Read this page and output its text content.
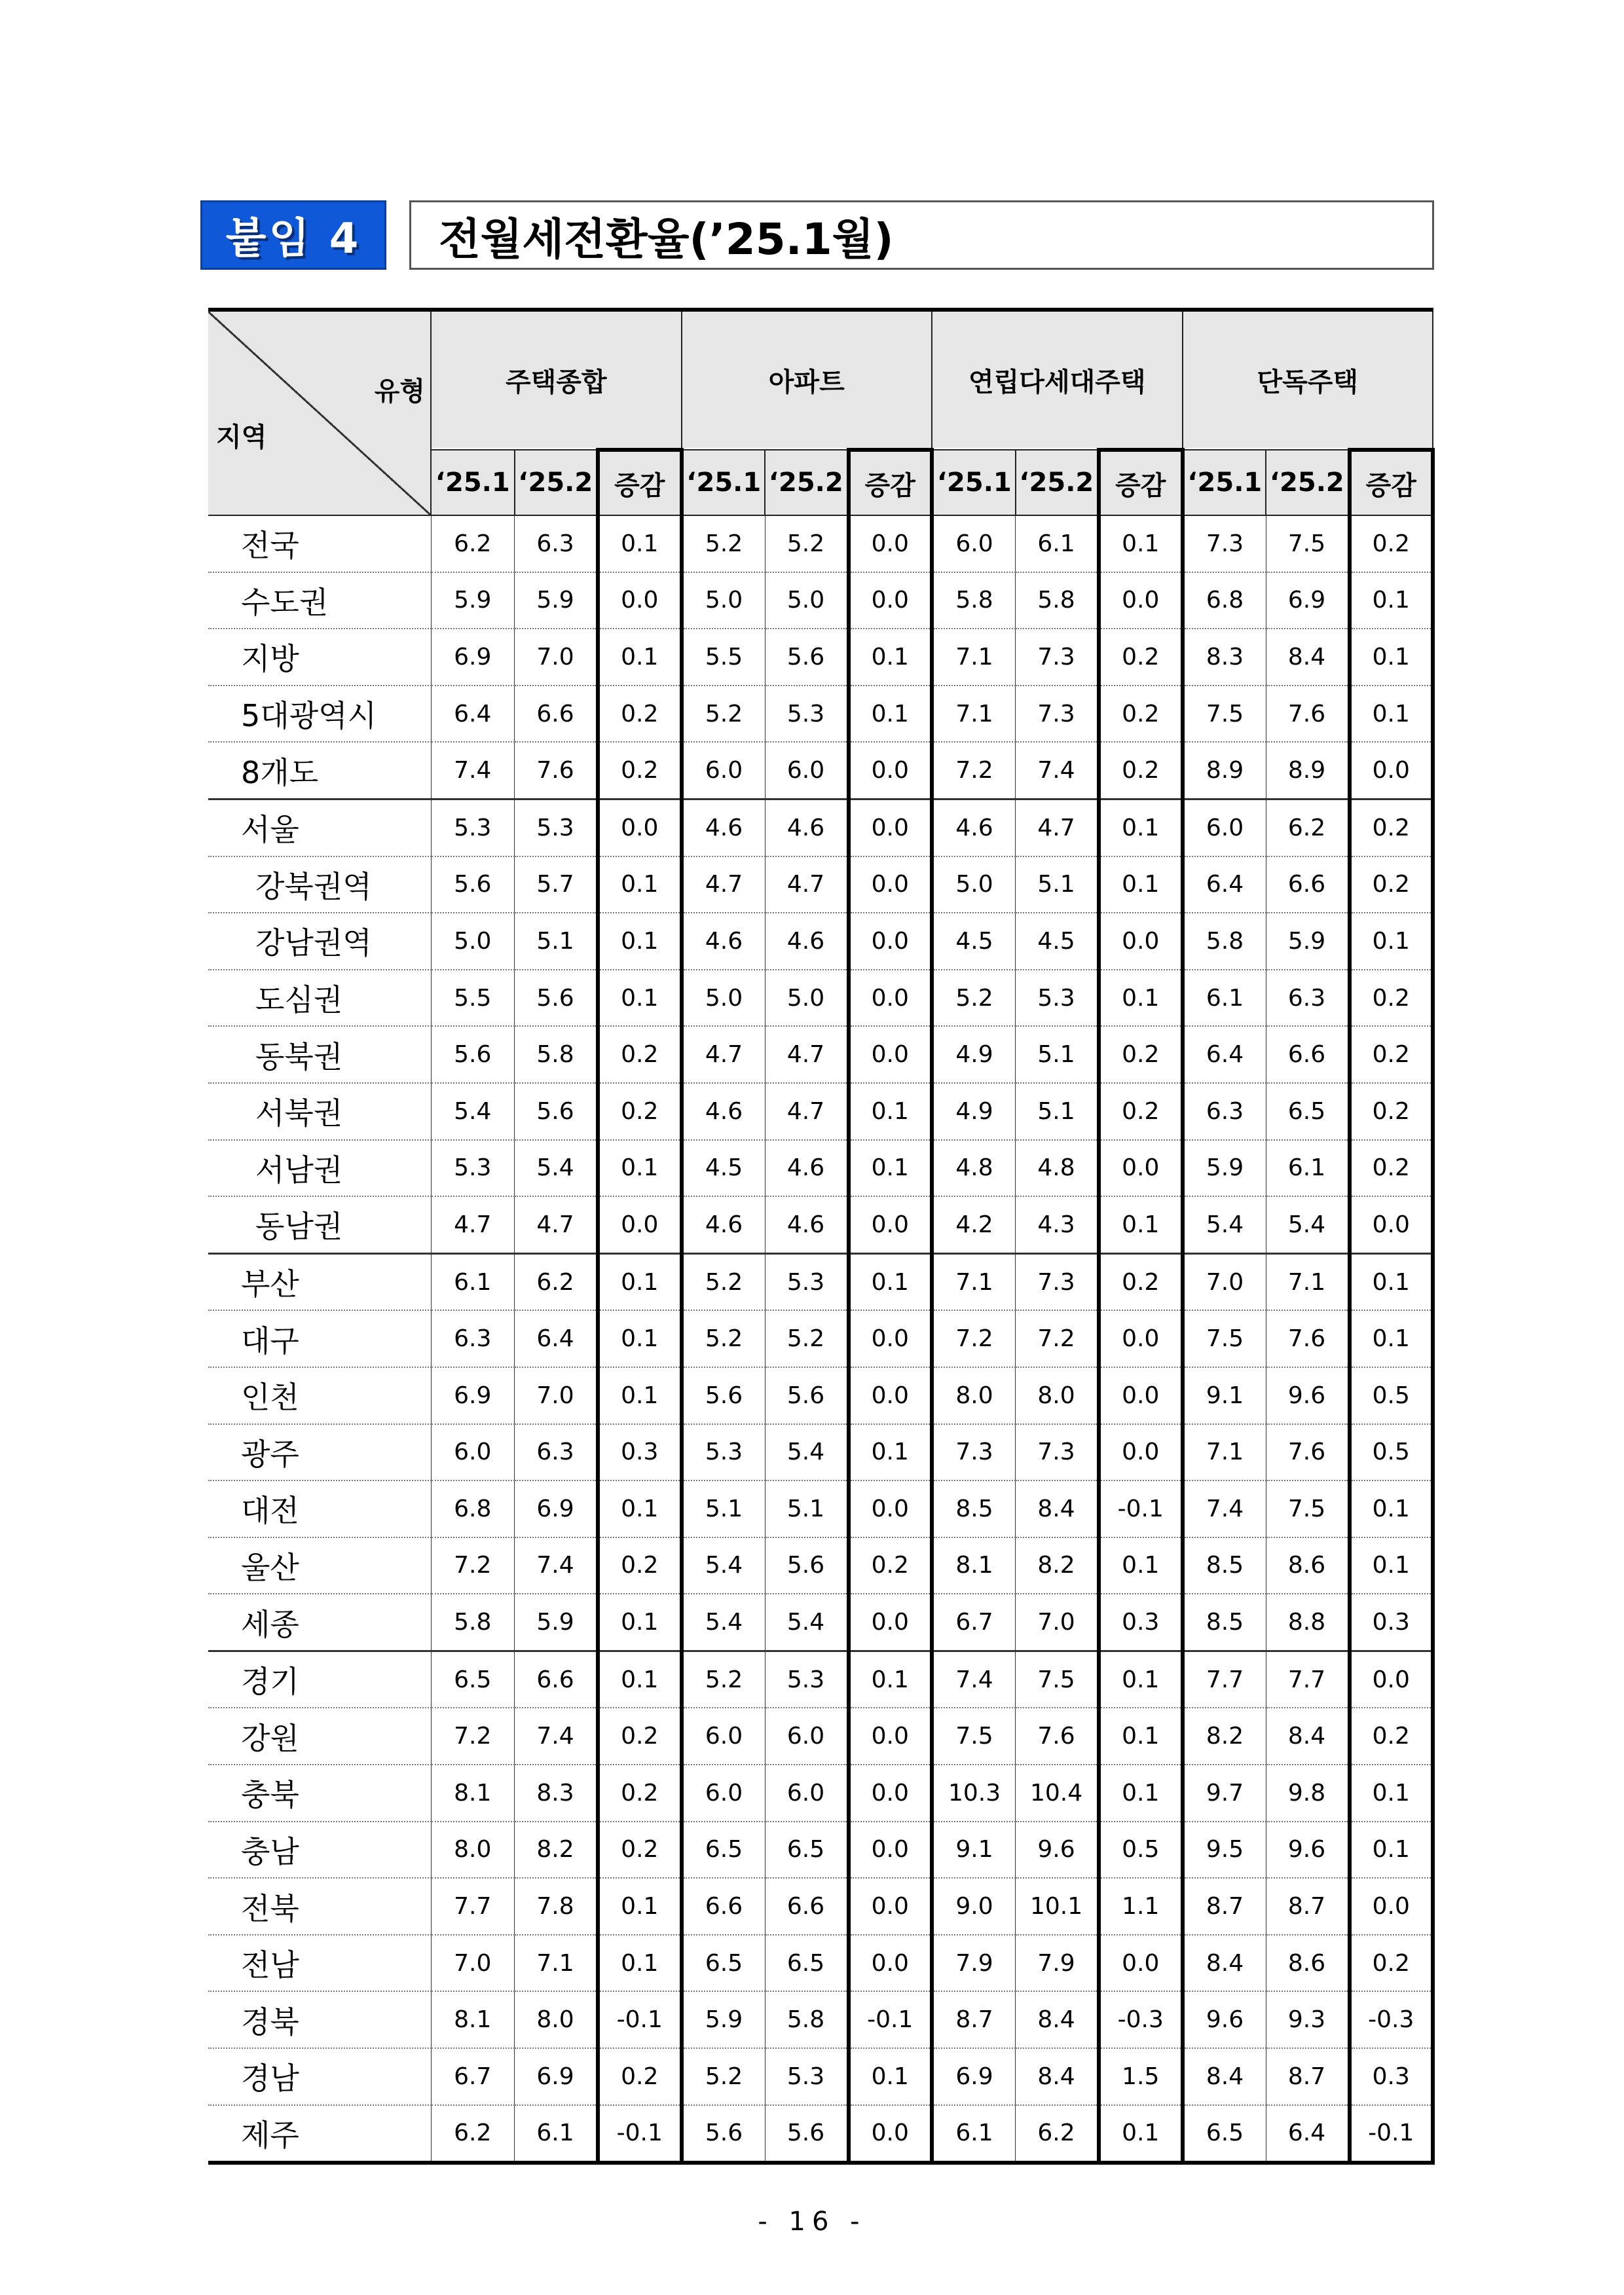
붙임 4	전월세전환율(’25.1월)
유형
지역	주택종합			아파트			연립다세대주택			단독주택		
	‘25.1	‘25.2	증감	‘25.1	‘25.2	증감	‘25.1	‘25.2	증감	‘25.1	‘25.2	증감
전국	6.2	6.3	0.1	5.2	5.2	0.0	6.0	6.1	0.1	7.3	7.5	0.2
수도권	5.9	5.9	0.0	5.0	5.0	0.0	5.8	5.8	0.0	6.8	6.9	0.1
지방	6.9	7.0	0.1	5.5	5.6	0.1	7.1	7.3	0.2	8.3	8.4	0.1
5대광역시	6.4	6.6	0.2	5.2	5.3	0.1	7.1	7.3	0.2	7.5	7.6	0.1
8개도	7.4	7.6	0.2	6.0	6.0	0.0	7.2	7.4	0.2	8.9	8.9	0.0
서울	5.3	5.3	0.0	4.6	4.6	0.0	4.6	4.7	0.1	6.0	6.2	0.2
강북권역	5.6	5.7	0.1	4.7	4.7	0.0	5.0	5.1	0.1	6.4	6.6	0.2
강남권역	5.0	5.1	0.1	4.6	4.6	0.0	4.5	4.5	0.0	5.8	5.9	0.1
도심권	5.5	5.6	0.1	5.0	5.0	0.0	5.2	5.3	0.1	6.1	6.3	0.2
동북권	5.6	5.8	0.2	4.7	4.7	0.0	4.9	5.1	0.2	6.4	6.6	0.2
서북권	5.4	5.6	0.2	4.6	4.7	0.1	4.9	5.1	0.2	6.3	6.5	0.2
서남권	5.3	5.4	0.1	4.5	4.6	0.1	4.8	4.8	0.0	5.9	6.1	0.2
동남권	4.7	4.7	0.0	4.6	4.6	0.0	4.2	4.3	0.1	5.4	5.4	0.0
부산	6.1	6.2	0.1	5.2	5.3	0.1	7.1	7.3	0.2	7.0	7.1	0.1
대구	6.3	6.4	0.1	5.2	5.2	0.0	7.2	7.2	0.0	7.5	7.6	0.1
인천	6.9	7.0	0.1	5.6	5.6	0.0	8.0	8.0	0.0	9.1	9.6	0.5
광주	6.0	6.3	0.3	5.3	5.4	0.1	7.3	7.3	0.0	7.1	7.6	0.5
대전	6.8	6.9	0.1	5.1	5.1	0.0	8.5	8.4	-0.1	7.4	7.5	0.1
울산	7.2	7.4	0.2	5.4	5.6	0.2	8.1	8.2	0.1	8.5	8.6	0.1
세종	5.8	5.9	0.1	5.4	5.4	0.0	6.7	7.0	0.3	8.5	8.8	0.3
경기	6.5	6.6	0.1	5.2	5.3	0.1	7.4	7.5	0.1	7.7	7.7	0.0
강원	7.2	7.4	0.2	6.0	6.0	0.0	7.5	7.6	0.1	8.2	8.4	0.2
충북	8.1	8.3	0.2	6.0	6.0	0.0	10.3	10.4	0.1	9.7	9.8	0.1
충남	8.0	8.2	0.2	6.5	6.5	0.0	9.1	9.6	0.5	9.5	9.6	0.1
전북	7.7	7.8	0.1	6.6	6.6	0.0	9.0	10.1	1.1	8.7	8.7	0.0
전남	7.0	7.1	0.1	6.5	6.5	0.0	7.9	7.9	0.0	8.4	8.6	0.2
경북	8.1	8.0	-0.1	5.9	5.8	-0.1	8.7	8.4	-0.3	9.6	9.3	-0.3
경남	6.7	6.9	0.2	5.2	5.3	0.1	6.9	8.4	1.5	8.4	8.7	0.3
제주	6.2	6.1	-0.1	5.6	5.6	0.0	6.1	6.2	0.1	6.5	6.4	-0.1
- 16 -
